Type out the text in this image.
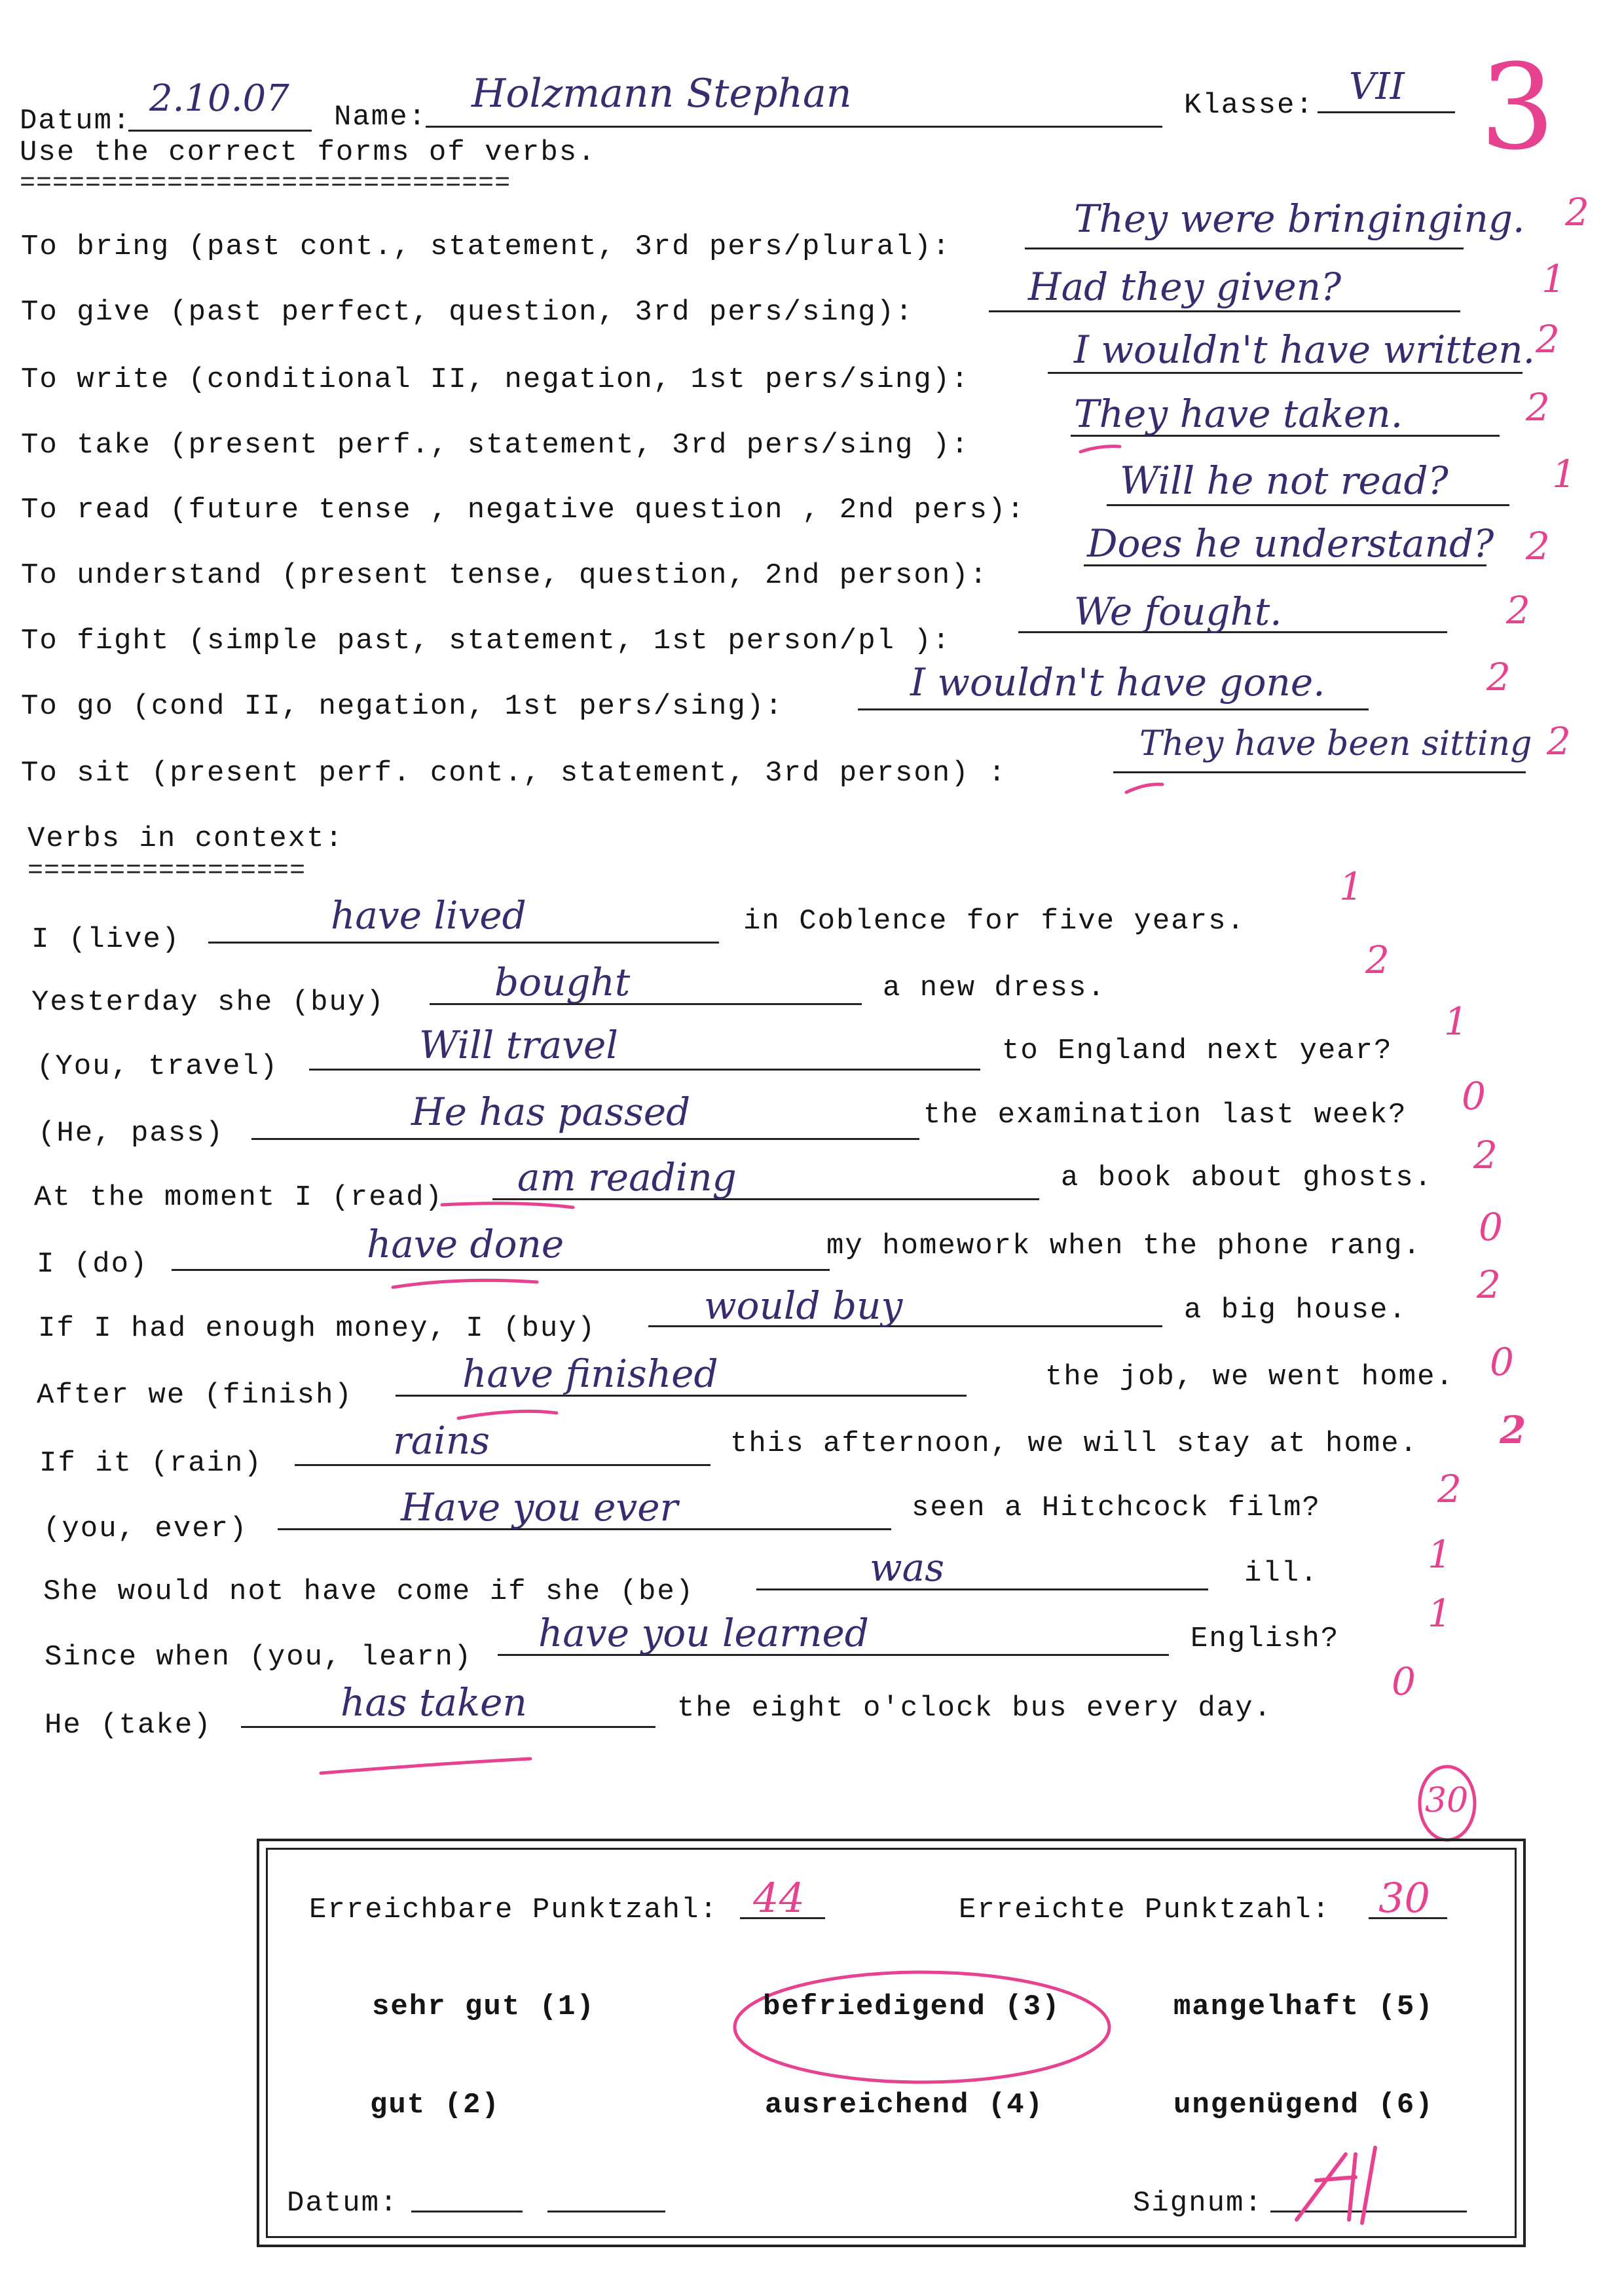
Datum:
2.10.07 Name:
Holzmann Stephan	Klasse: VII 3
Use the correct forms of verbs.
==============================
To bring (past cont., statement, 3rd pers/plural):
They were bringinging. 2
To give (past perfect, question, 3rd pers/sing):
Had they given?	1
To write (conditional II, negation, 1st pers/sing):
I wouldn't have written. 2
To take (present perf., statement, 3rd pers/sing ):
They have taken.	2
To read (future tense , negative question , 2nd pers):
Will he not read?	1
To understand (present tense, question, 2nd person):
Does he understand? 2
To fight (simple past, statement, 1st person/pl ):
We fought.	2
To go (cond II, negation, 1st pers/sing):
I wouldn't have gone.	2
To sit (present perf. cont., statement, 3rd person) :
They have been sitting 2
Verbs in context:
=================
I (live)
have lived	in Coblence for five years.
1
Yesterday she (buy)	bought	a new dress.
2
(You, travel)	Will travel	to England next year?
1
(He, pass)	He has passed	the examination last week? 0
At the moment I (read) am reading	a book about ghosts.
2
I (do)	have done	my homework when the phone rang. 0
If I had enough money, I (buy)
would buy	a big house.
2
After we (finish)	have finished	the job, we went home. 0
If it (rain)
rains	this afternoon, we will stay at home. 2
(you, ever)	Have you ever	seen a Hitchcock film?	2
She would not have come if she (be)
was	ill.	1
Since when (you, learn)
have you learned	English?
1
He (take)
has taken	the eight o'clock bus every day.
0
30
Erreichbare Punktzahl: 44	Erreichte Punktzahl: 30
sehr gut (1)	befriedigend (3)	mangelhaft (5)
gut (2)	ausreichend (4)	ungenügend (6)
Datum:	Signum:
